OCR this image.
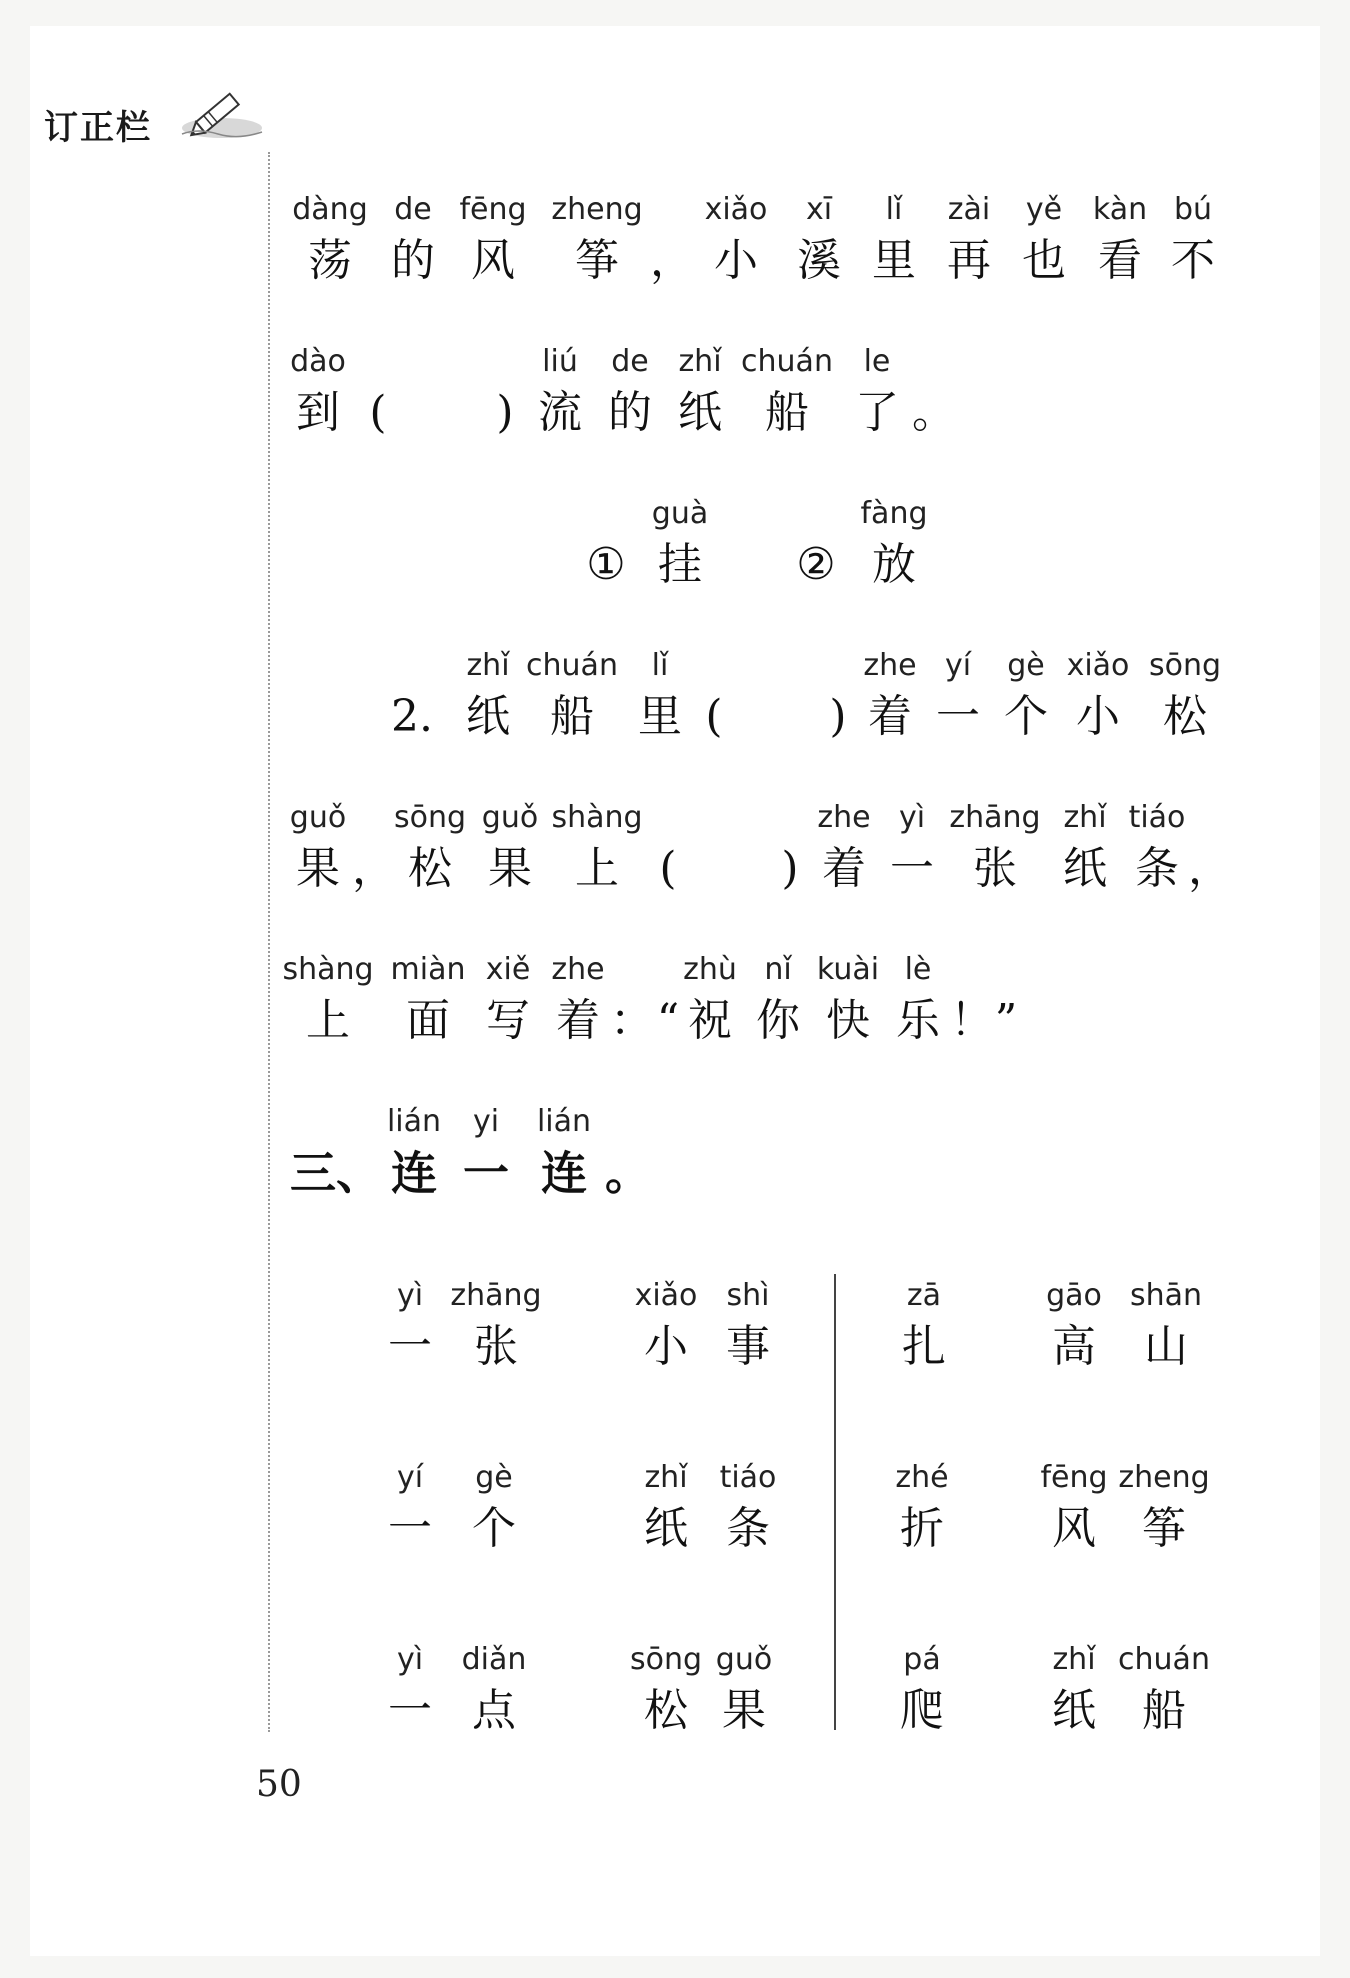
订正栏
dàng
荡
de
的
fēng
风
zheng
筝 ，
xiǎo
小
xī
溪
lǐ
里
zài
再
yě
也
kàn
看
bú
不
dào
到 ( )
liú
流
de
的
zhǐ
纸
chuán
船
le
了 。
①
guà
挂 ②
fàng
放
2.
zhǐ
纸
chuán
船
lǐ
里 ( )
zhe
着
yí
一
gè
个
xiǎo
小
sōng
松
guǒ
果 ，
sōng
松
guǒ
果
shàng
上 ( )
zhe
着
yì
一
zhāng
张
zhǐ
纸
tiáo
条 ，
shàng
上
miàn
面
xiě
写
zhe
着 ： “
zhù
祝
nǐ
你
kuài
快
lè
乐 ！ ”
三、
lián
连
yi
一
lián
连 。
yì
一
zhāng
张
xiǎo
小
shì
事
zā
扎
gāo
高
shān
山
yí
一
gè
个
zhǐ
纸
tiáo
条
zhé
折
fēng
风
zheng
筝
yì
一
diǎn
点
sōng
松
guǒ
果
pá
爬
zhǐ
纸
chuán
船
50
